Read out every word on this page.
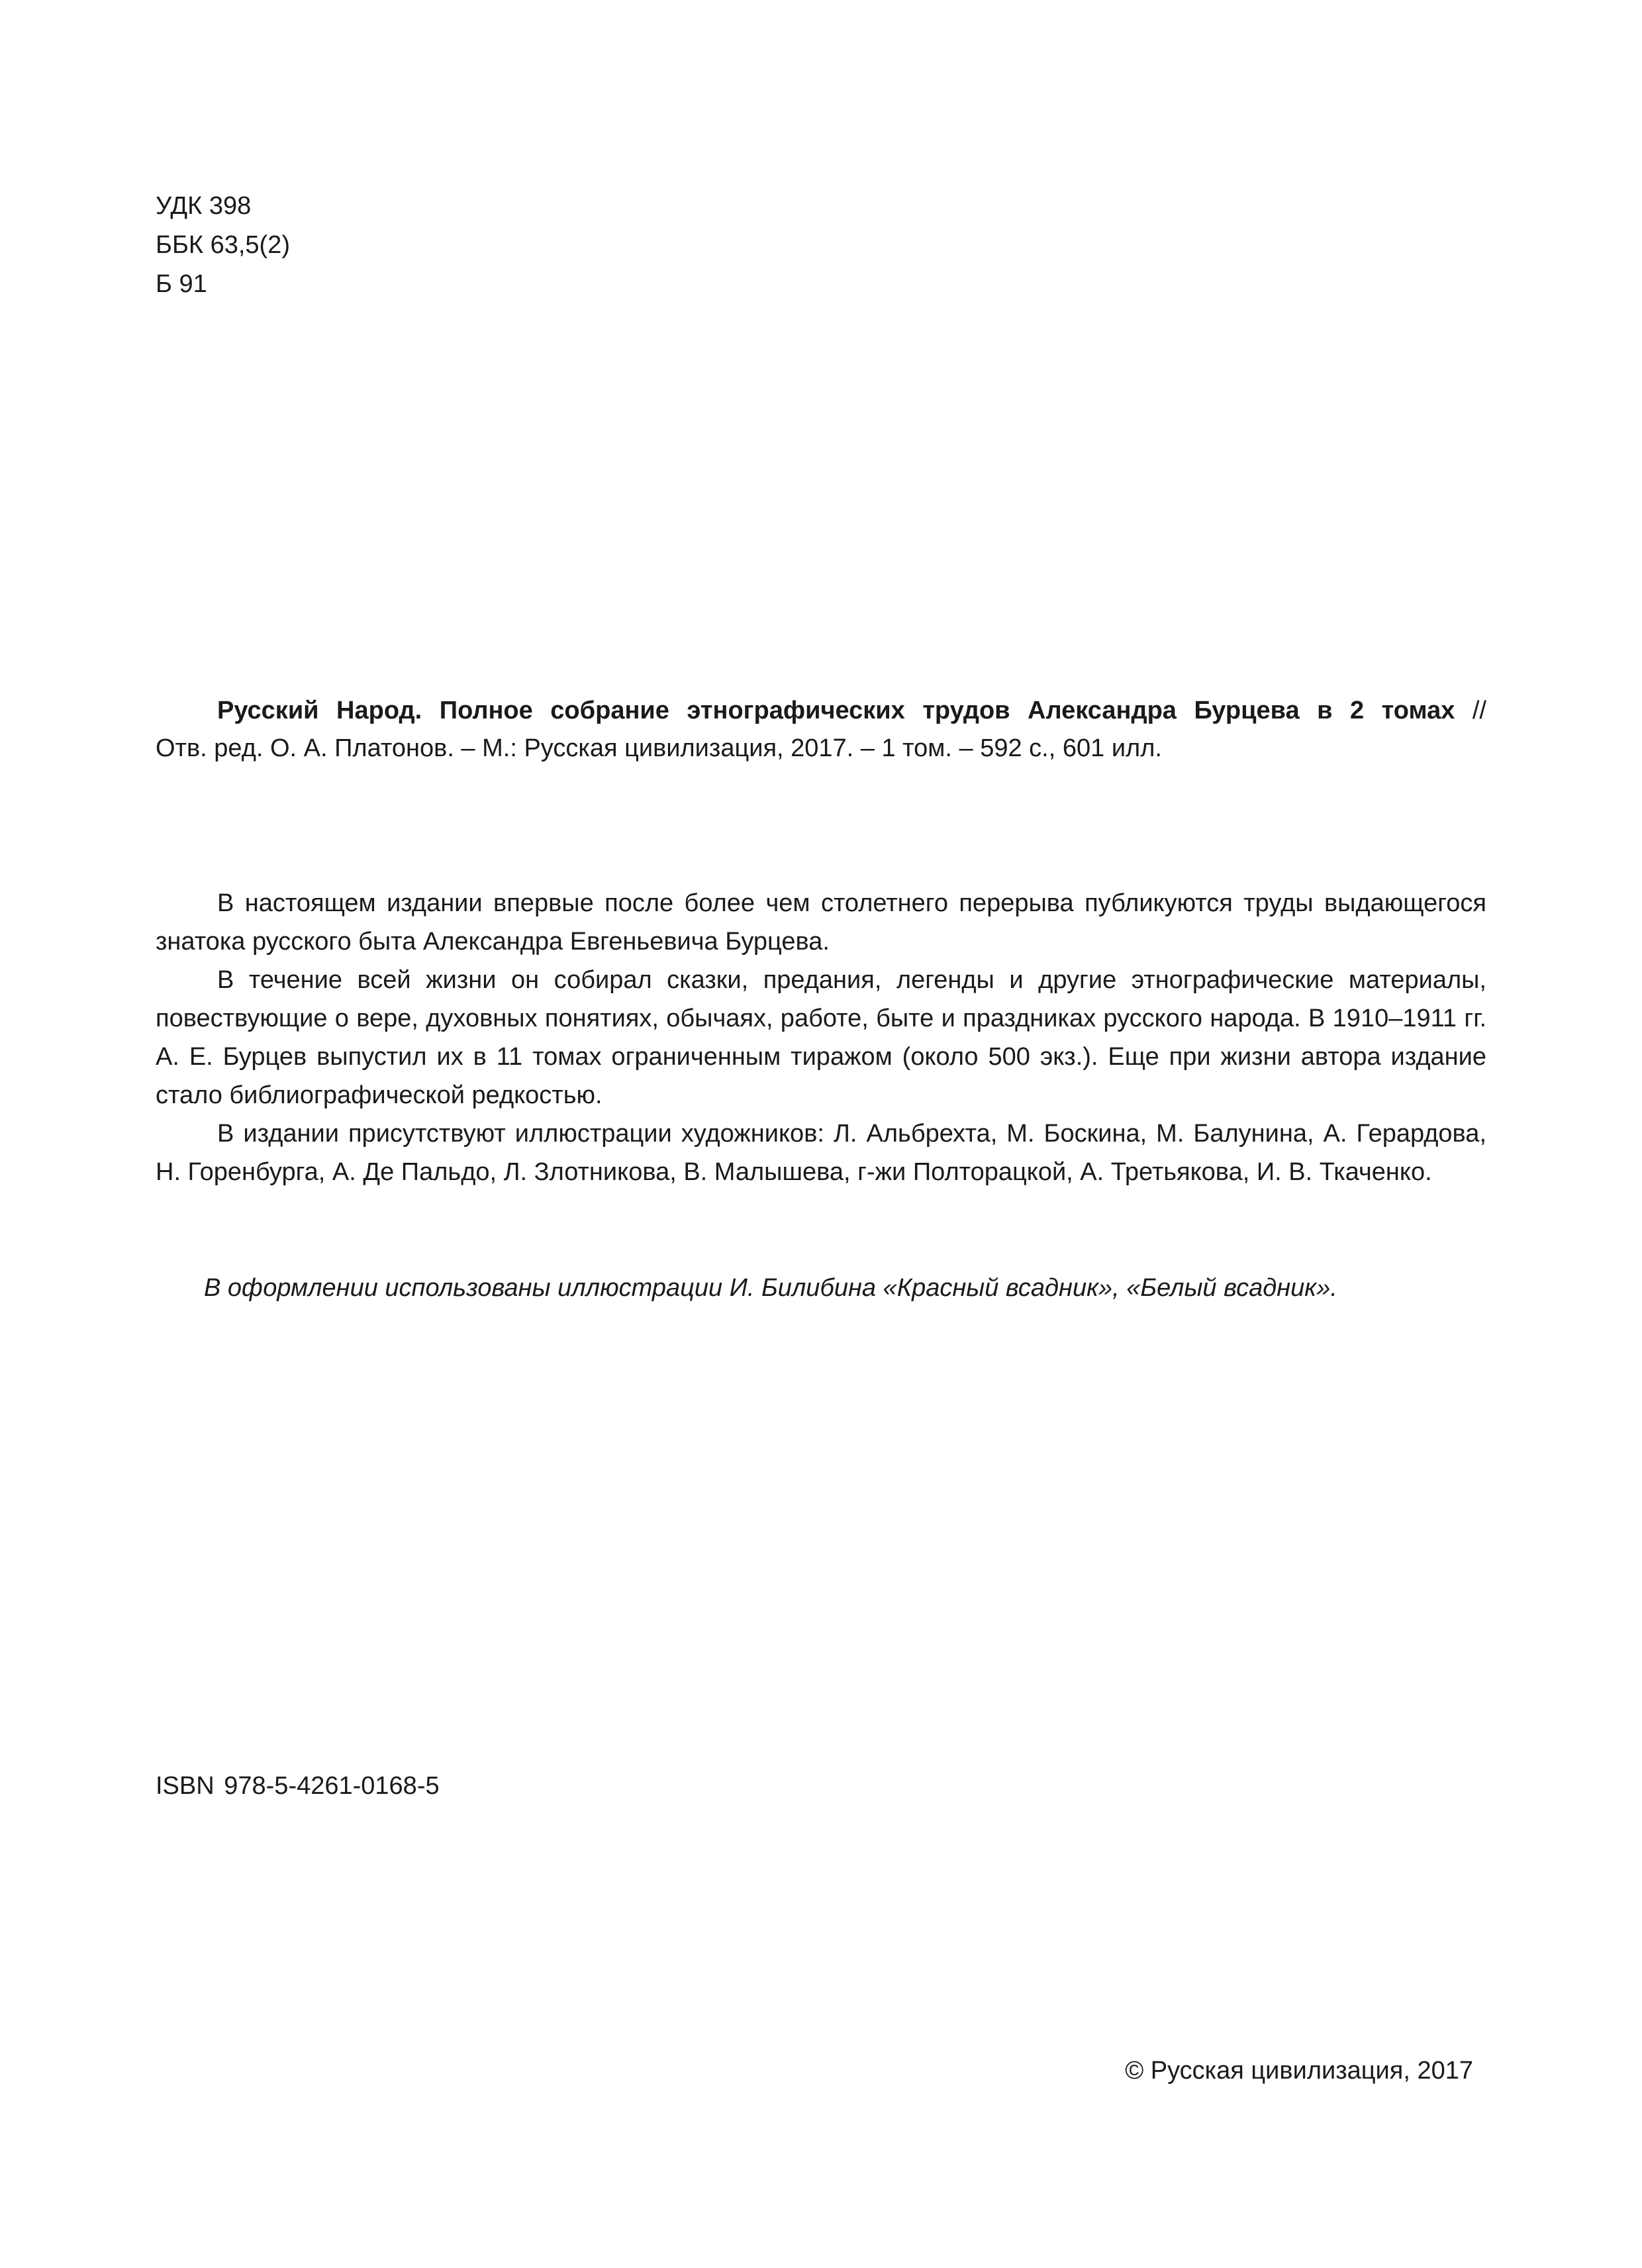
УДК 398
ББК 63,5(2)
Б 91
Русский Народ. Полное собрание этнографических трудов Александра Бурцева в 2 томах //
Отв. ред. О. А. Платонов. – М.: Русская цивилизация, 2017. – 1 том. – 592 с., 601 илл.

В настоящем издании впервые после более чем столетнего перерыва публикуются труды выдающегося знатока русского быта Александра Евгеньевича Бурцева.

В течение всей жизни он собирал сказки, предания, легенды и другие этнографические материалы, повествующие о вере, духовных понятиях, обычаях, работе, быте и праздниках русского народа. В 1910–1911 гг. А. Е. Бурцев выпустил их в 11 томах ограниченным тиражом (около 500 экз.). Еще при жизни автора издание стало библиографической редкостью.

В издании присутствуют иллюстрации художников: Л. Альбрехта, М. Боскина, М. Балунина, А. Герардова, Н. Горенбурга, А. Де Пальдо, Л. Злотникова, В. Малышева, г-жи Полторацкой, А. Третьякова, И. В. Ткаченко.

В оформлении использованы иллюстрации И. Билибина «Красный всадник», «Белый всадник».
ISBN 978-5-4261-0168-5
© Русская цивилизация, 2017
